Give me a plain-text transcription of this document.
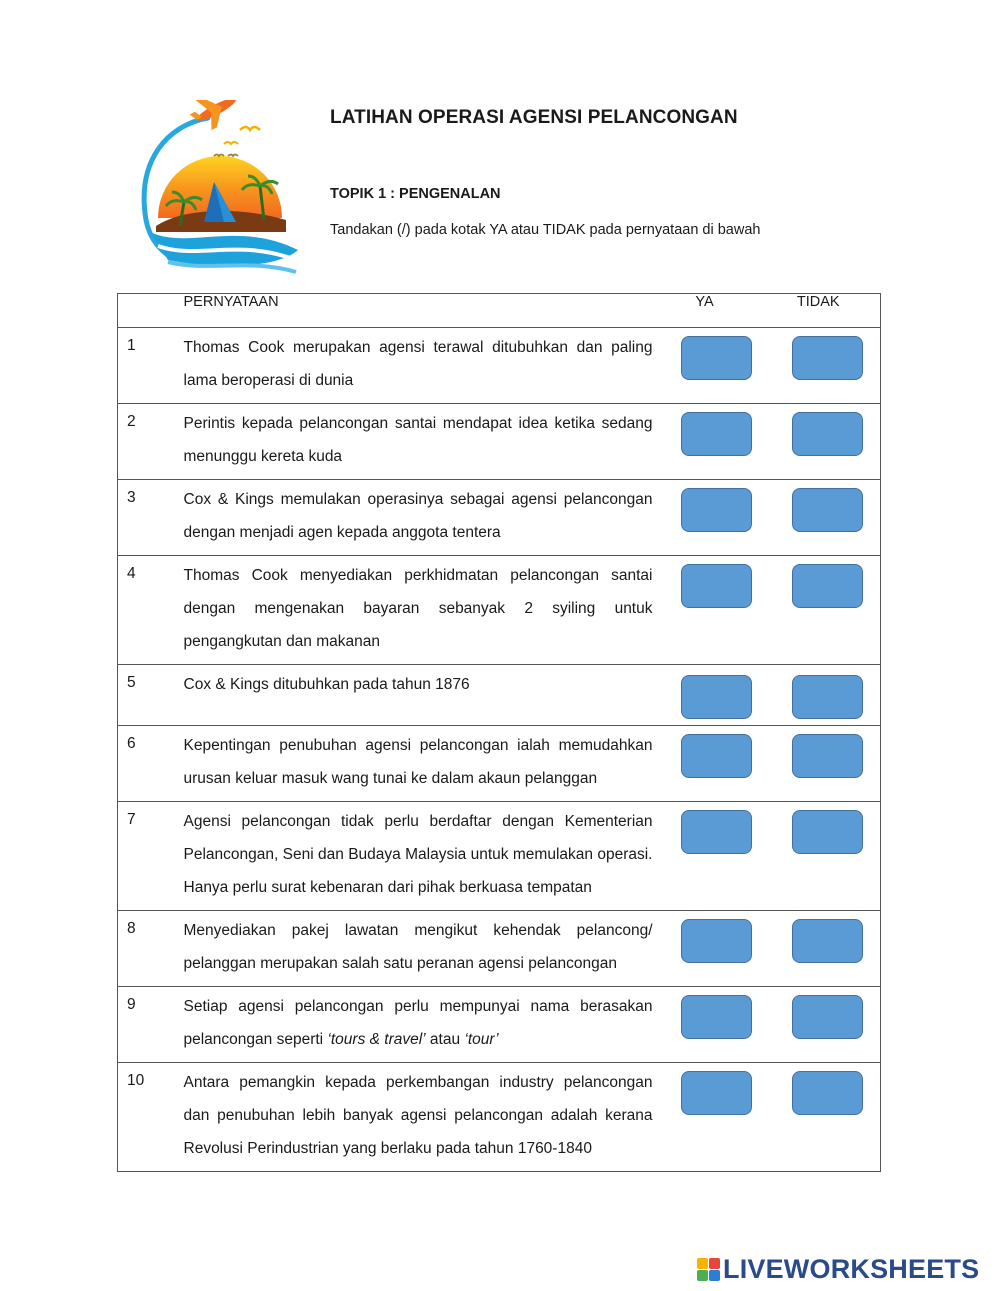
LATIHAN OPERASI AGENSI PELANCONGAN
TOPIK 1 : PENGENALAN
Tandakan (/) pada kotak YA atau TIDAK pada pernyataan di bawah

	PERNYATAAN	YA	TIDAK

1	Thomas Cook merupakan agensi terawal ditubuhkan dan paling lama beroperasi di dunia		

2	Perintis kepada pelancongan santai mendapat idea ketika sedang menunggu kereta kuda		

3	Cox & Kings memulakan operasinya sebagai agensi pelancongan dengan menjadi agen kepada anggota tentera		

4	Thomas Cook menyediakan perkhidmatan pelancongan santai dengan mengenakan bayaran sebanyak 2 syiling untuk pengangkutan dan makanan		

5	Cox & Kings ditubuhkan pada tahun 1876		

6	Kepentingan penubuhan agensi pelancongan ialah memudahkan urusan keluar masuk wang tunai ke dalam akaun pelanggan		

7	Agensi pelancongan tidak perlu berdaftar dengan Kementerian Pelancongan, Seni dan Budaya Malaysia untuk memulakan operasi. Hanya perlu surat kebenaran dari pihak berkuasa tempatan		

8	Menyediakan pakej lawatan mengikut kehendak pelancong/ pelanggan merupakan salah satu peranan agensi pelancongan		

9	Setiap agensi pelancongan perlu mempunyai nama berasakan pelancongan seperti ‘tours & travel’ atau ‘tour’		

10	Antara pemangkin kepada perkembangan industry pelancongan dan penubuhan lebih banyak agensi pelancongan adalah kerana Revolusi Perindustrian yang berlaku pada tahun 1760-1840		

LIVEWORKSHEETS
